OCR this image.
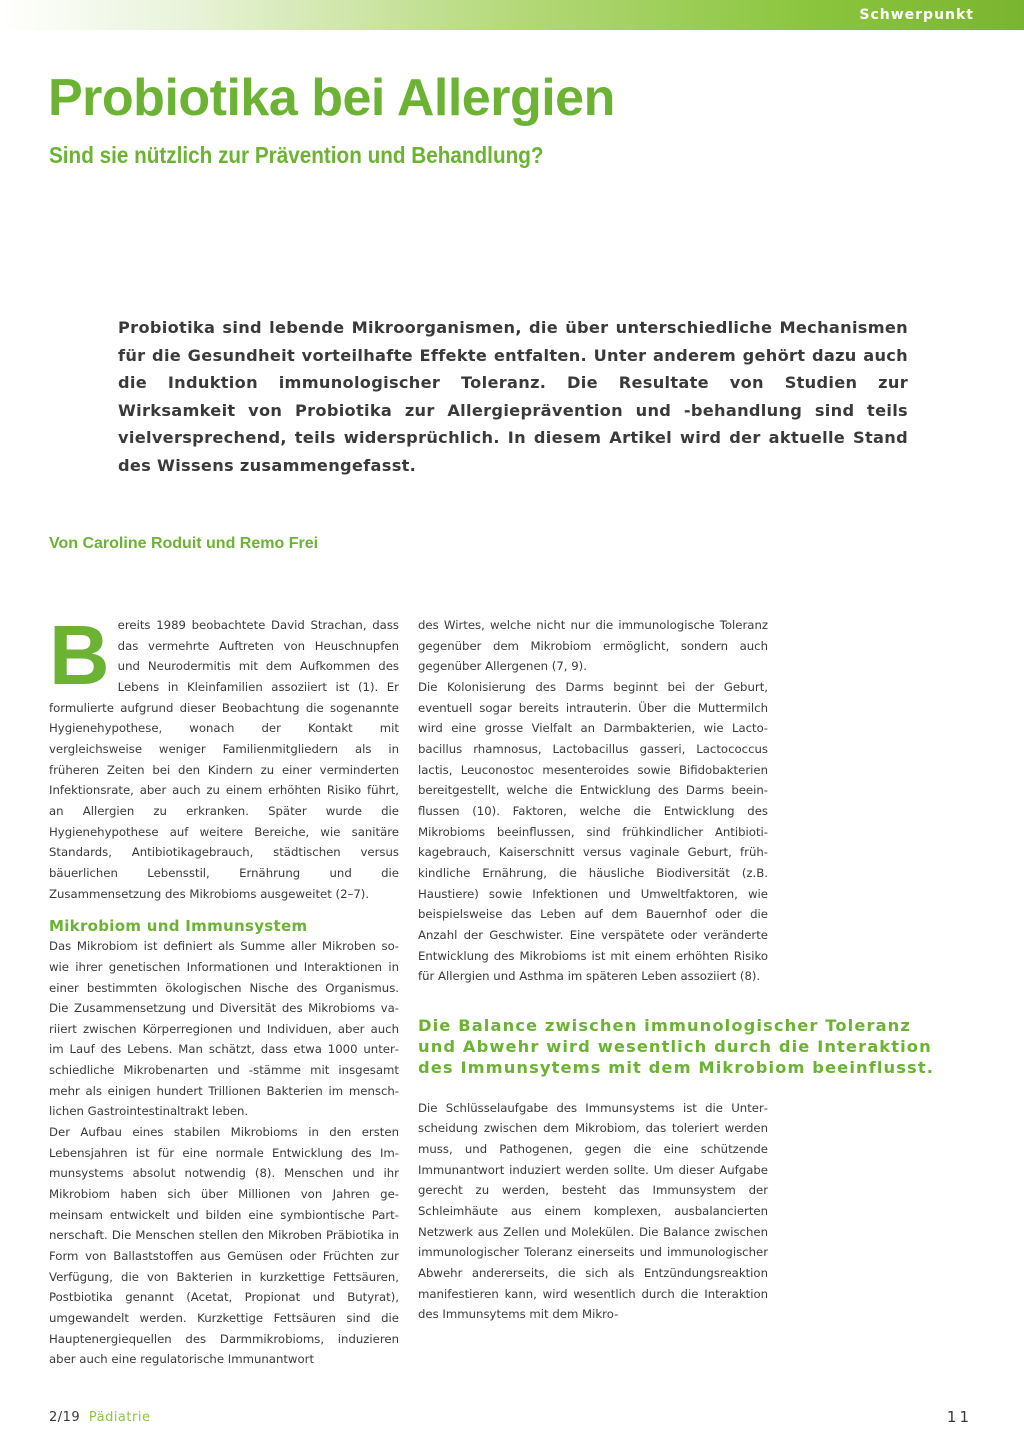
Schwerpunkt
Probiotika bei Allergien
Sind sie nützlich zur Prävention und Behandlung?

Probiotika sind lebende Mikroorganismen, die über unterschiedliche Mechanismen für die Gesundheit vorteilhafte Effekte entfalten. Unter anderem gehört dazu auch die Induktion immunologischer Toleranz. Die Resultate von Studien zur Wirksamkeit von Probiotika zur Allergieprävention und -behandlung sind teils vielversprechend, teils widersprüchlich. In diesem Artikel wird der aktuelle Stand des Wissens zusammengefasst.

Von Caroline Roduit und Remo Frei

B ereits 1989 beobachtete David Strachan, dass das vermehrte Auftreten von Heuschnupfen und Neurodermitis mit dem Aufkommen des Lebens in Kleinfamilien assoziiert ist (1). Er formulierte aufgrund dieser Beobachtung die sogenannte Hygienehypothese, wonach der Kontakt mit vergleichsweise weniger Familienmitgliedern als in früheren Zeiten bei den Kindern zu einer verminderten Infektionsrate, aber auch zu einem erhöhten Risiko führt, an Allergien zu erkranken. Später wurde die Hygienehypothese auf weitere Bereiche, wie sanitäre Standards, Antibiotikagebrauch, städtischen versus bäuerlichen Lebensstil, Ernährung und die Zusammensetzung des Mikrobioms ausgeweitet (2–7).

Mikrobiom und Immunsystem

Das Mikrobiom ist definiert als Summe aller Mikroben sowie ihrer genetischen Informationen und Interaktionen in einer bestimmten ökologischen Nische des Organismus. Die Zusammensetzung und Diversität des Mikrobioms variiert zwischen Körperregionen und Individuen, aber auch im Lauf des Lebens. Man schätzt, dass etwa 1000 unterschiedliche Mikrobenarten und -stämme mit insgesamt mehr als einigen hundert Trillionen Bakterien im menschlichen Gastrointestinaltrakt leben.

Der Aufbau eines stabilen Mikrobioms in den ersten Lebensjahren ist für eine normale Entwicklung des Immunsystems absolut notwendig (8). Menschen und ihr Mikrobiom haben sich über Millionen von Jahren gemeinsam entwickelt und bilden eine symbiontische Partnerschaft. Die Menschen stellen den Mikroben Präbiotika in Form von Ballaststoffen aus Gemüsen oder Früchten zur Verfügung, die von Bakterien in kurzkettige Fettsäuren, Postbiotika genannt (Acetat, Propionat und Butyrat), umgewandelt werden. Kurzkettige Fettsäuren sind die Hauptenergiequellen des Darmmikrobioms, induzieren aber auch eine regulatorische Immunantwort

des Wirtes, welche nicht nur die immunologische Toleranz gegenüber dem Mikrobiom ermöglicht, sondern auch gegenüber Allergenen (7, 9).

Die Kolonisierung des Darms beginnt bei der Geburt, eventuell sogar bereits intrauterin. Über die Muttermilch wird eine grosse Vielfalt an Darmbakterien, wie Lactobacillus rhamnosus, Lactobacillus gasseri, Lactococcus lactis, Leuconostoc mesenteroides sowie Bifidobakterien bereitgestellt, welche die Entwicklung des Darms beeinflussen (10). Faktoren, welche die Entwicklung des Mikrobioms beeinflussen, sind frühkindlicher Antibiotikagebrauch, Kaiserschnitt versus vaginale Geburt, frühkindliche Ernährung, die häusliche Biodiversität (z.B. Haustiere) sowie Infektionen und Umweltfaktoren, wie beispielsweise das Leben auf dem Bauernhof oder die Anzahl der Geschwister. Eine verspätete oder veränderte Entwicklung des Mikrobioms ist mit einem erhöhten Risiko für Allergien und Asthma im späteren Leben assoziiert (8).

Die Balance zwischen immunologischer Toleranz und Abwehr wird wesentlich durch die Interaktion des Immunsytems mit dem Mikrobiom beeinflusst.

Die Schlüsselaufgabe des Immunsystems ist die Unterscheidung zwischen dem Mikrobiom, das toleriert werden muss, und Pathogenen, gegen die eine schützende Immunantwort induziert werden sollte. Um dieser Aufgabe gerecht zu werden, besteht das Immunsystem der Schleimhäute aus einem komplexen, ausbalancierten Netzwerk aus Zellen und Molekülen. Die Balance zwischen immunologischer Toleranz einerseits und immunologischer Abwehr andererseits, die sich als Entzündungsreaktion manifestieren kann, wird wesentlich durch die Interaktion des Immunsytems mit dem Mikro-

2/19 Pädiatrie	11
